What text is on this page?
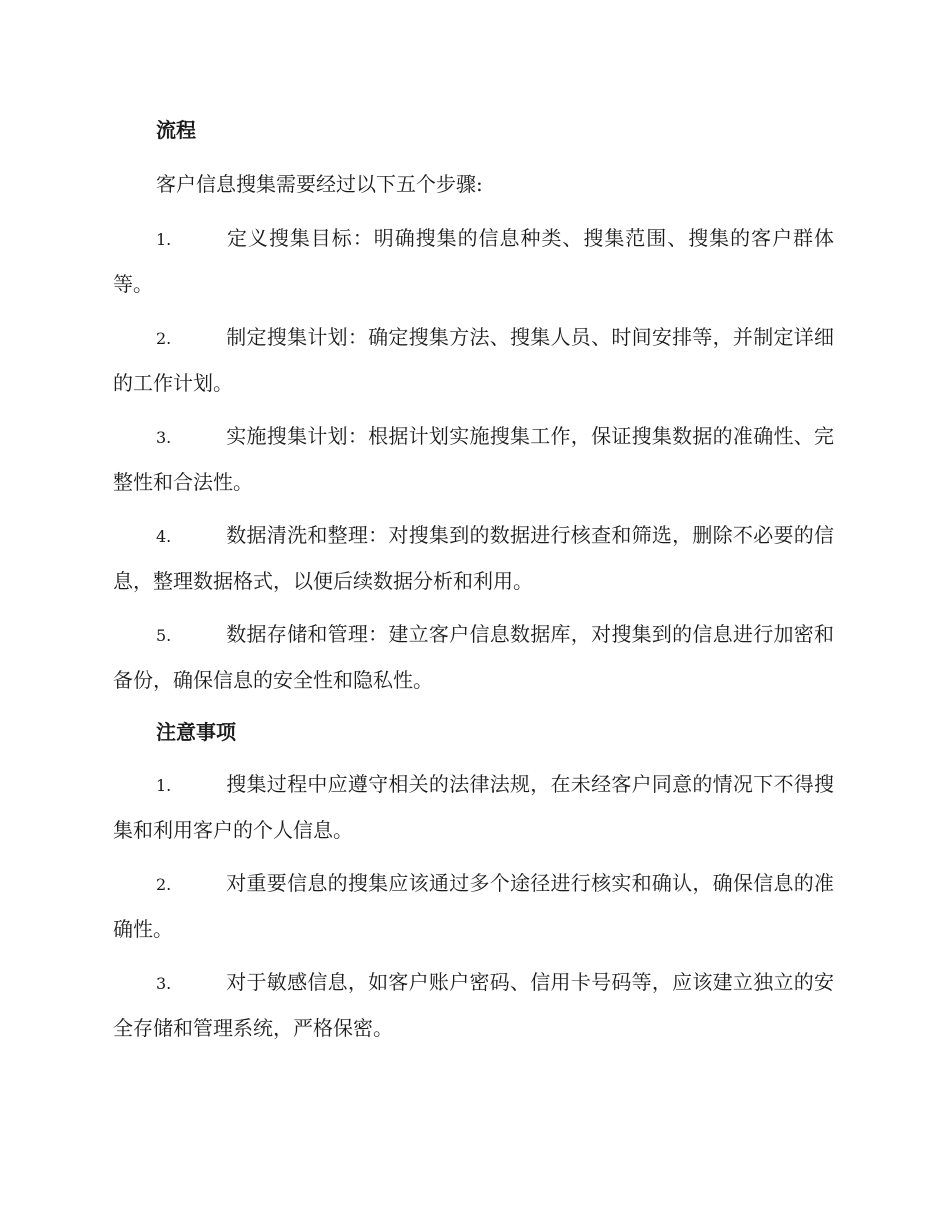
流程
客户信息搜集需要经过以下五个步骤:

1.	定义搜集目标：明确搜集的信息种类、搜集范围、搜集的客户群体等。

2.	制定搜集计划：确定搜集方法、搜集人员、时间安排等，并制定详细的工作计划。

3.	实施搜集计划：根据计划实施搜集工作，保证搜集数据的准确性、完整性和合法性。

4.	数据清洗和整理：对搜集到的数据进行核查和筛选，删除不必要的信息，整理数据格式，以便后续数据分析和利用。

5.	数据存储和管理：建立客户信息数据库，对搜集到的信息进行加密和备份，确保信息的安全性和隐私性。

注意事项

1.	搜集过程中应遵守相关的法律法规，在未经客户同意的情况下不得搜集和利用客户的个人信息。

2.	对重要信息的搜集应该通过多个途径进行核实和确认，确保信息的准确性。

3.	对于敏感信息，如客户账户密码、信用卡号码等，应该建立独立的安全存储和管理系统，严格保密。
